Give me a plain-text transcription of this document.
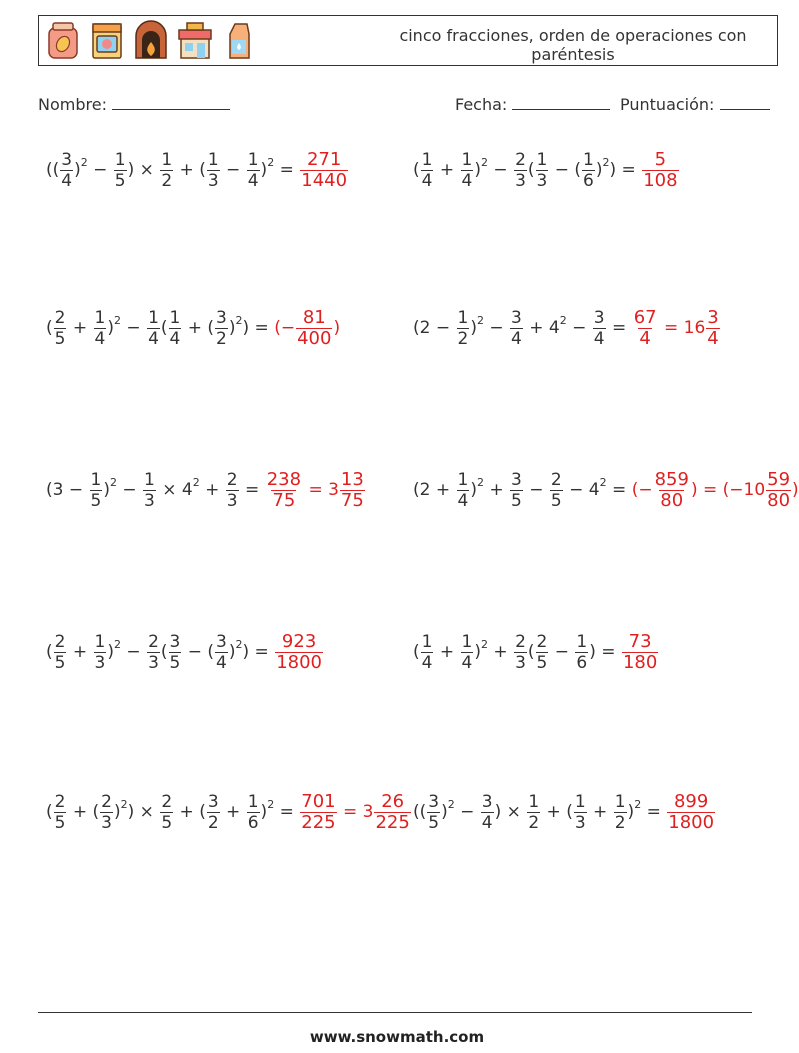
cinco fracciones, orden de operaciones con paréntesis
Nombre:	Fecha:	Puntuación:
(( $\frac{3}{4} )^2 - \frac{1}{5}$ ) × $\frac{1}{2}$ + ( $\frac{1}{3} - \frac{1}{4} )^2 = \frac{271}{1440}$	( $\frac{1}{4} + \frac{1}{4} )^2 - \frac{2}{3}$ ( $\frac{1}{3}$ − ( $\frac{1}{6} )^2$ ) = $\frac{5}{108}$
( $\frac{2}{5} + \frac{1}{4} )^2 - \frac{1}{4}$ ( $\frac{1}{4}$ + ( $\frac{3}{2} )^2$ ) = (− $\frac{81}{400}$ )	$(2 - \frac{1}{2} )^2 - \frac{3}{4} + 4^2 - \frac{3}{4} = \frac{67}{4} = 16 \frac{3}{4}$
$(3 - \frac{1}{5} )^2 - \frac{1}{3} \times 4^2 + \frac{2}{3} = \frac{238}{75} = 3 \frac{13}{75}$	$(2 + \frac{1}{4} )^2 + \frac{3}{5} - \frac{2}{5} - 4^2$ = (− $\frac{859}{80}$ ) = ($-10 \frac{59}{80}$ )
( $\frac{2}{5} + \frac{1}{3} )^2 - \frac{2}{3}$ ( $\frac{3}{5}$ − ( $\frac{3}{4} )^2$ ) = $\frac{923}{1800}$	( $\frac{1}{4} + \frac{1}{4} )^2 + \frac{2}{3}$ ( $\frac{2}{5} - \frac{1}{6}$ ) = $\frac{73}{180}$
( $\frac{2}{5}$ + ( $\frac{2}{3} )^2$ ) × $\frac{2}{5}$ + ( $\frac{3}{2} + \frac{1}{6} )^2 = \frac{701}{225} = 3 \frac{26}{225}$ (( $\frac{3}{5} )^2 - \frac{3}{4}$ ) × $\frac{1}{2}$ + ( $\frac{1}{3} + \frac{1}{2} )^2 = \frac{899}{1800}$
www.snowmath.com
